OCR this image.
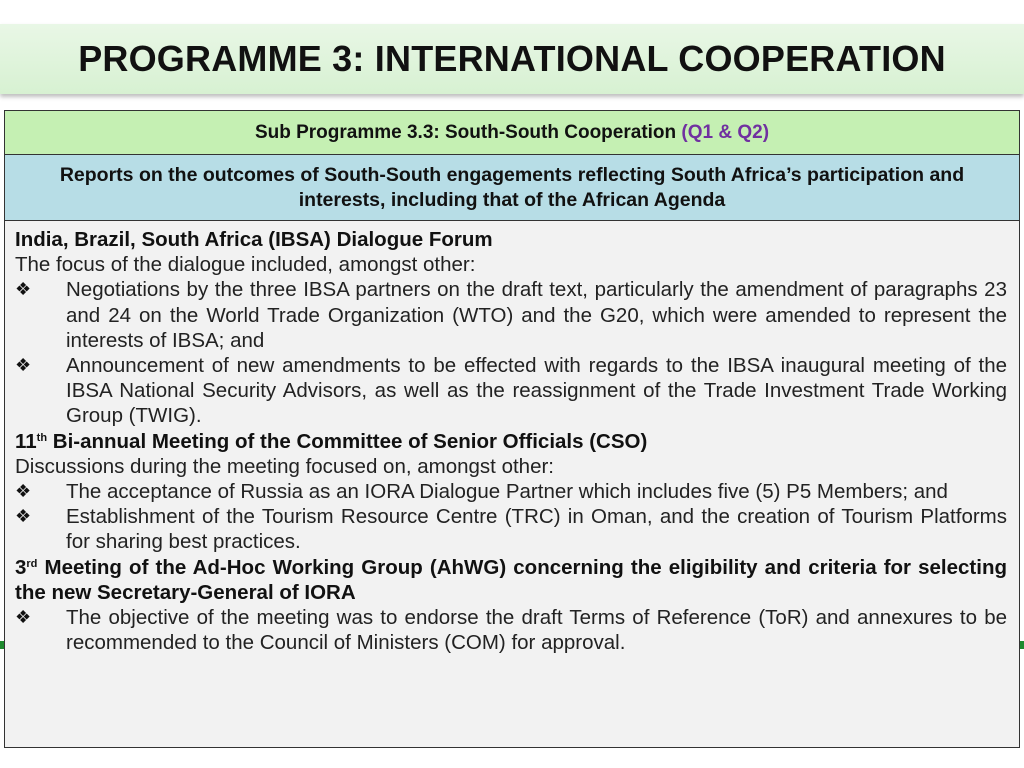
PROGRAMME 3: INTERNATIONAL COOPERATION
Sub Programme 3.3: South-South Cooperation
(Q1 & Q2)
Reports on the outcomes of South-South engagements reflecting South Africa’s participation and interests, including that of the African Agenda
India, Brazil, South Africa (IBSA) Dialogue Forum
The focus of the dialogue included, amongst other:
❖	Negotiations by the three IBSA partners on the draft text, particularly the amendment of paragraphs 23 and 24 on the World Trade Organization (WTO) and the G20, which were amended to represent the interests of IBSA; and
❖	Announcement of new amendments to be effected with regards to the IBSA inaugural meeting of the IBSA National Security Advisors, as well as the reassignment of the Trade Investment Trade Working Group (TWIG).
11th Bi-annual Meeting of the Committee of Senior Officials (CSO)
Discussions during the meeting focused on, amongst other:
❖	The acceptance of Russia as an IORA Dialogue Partner which includes five (5) P5 Members; and
❖	Establishment of the Tourism Resource Centre (TRC) in Oman, and the creation of Tourism Platforms for sharing best practices.
3rd Meeting of the Ad-Hoc Working Group (AhWG) concerning the eligibility and criteria for selecting the new Secretary-General of IORA
❖	The objective of the meeting was to endorse the draft Terms of Reference (ToR) and annexures to be recommended to the Council of Ministers (COM) for approval.
